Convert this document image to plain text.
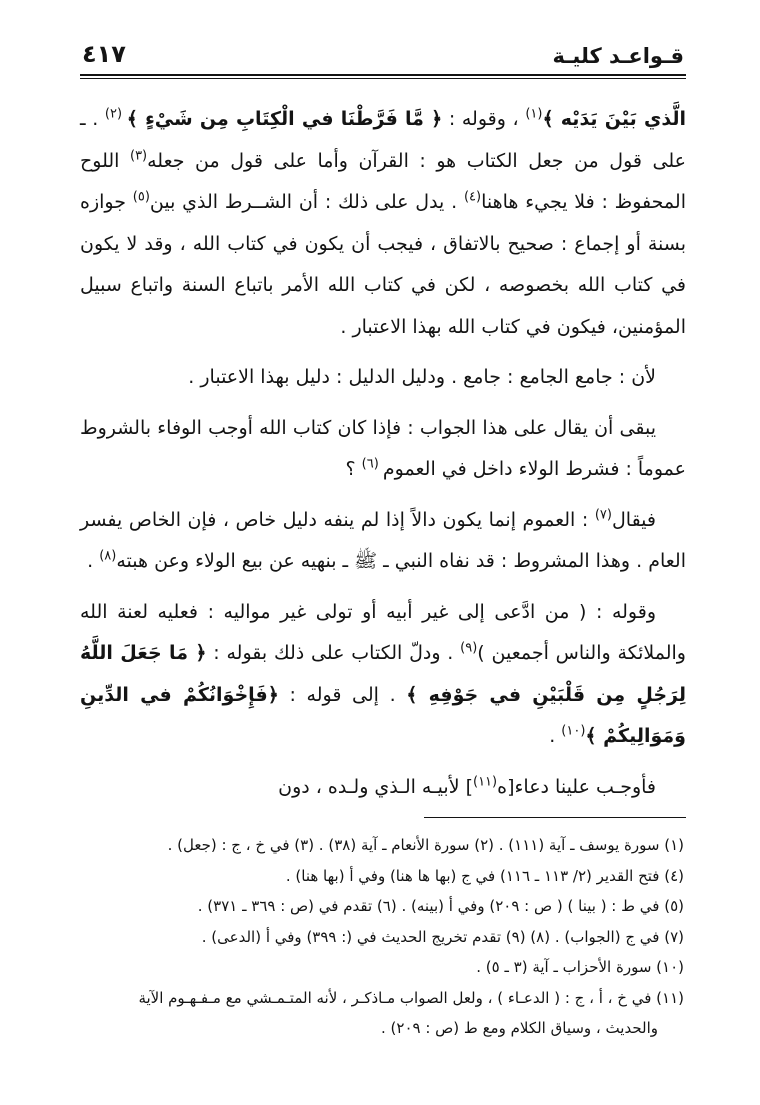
قـواعـد كليـة
٤١٧

الَّذي بَيْنَ يَدَيْه ﴾$^{(١)}$ ، وقوله : ﴿ مَّا فَرَّطْنَا في الْكِتَابِ مِن شَيْءٍ ﴾ $^{(٢)}$ . ـ على قول من جعل الكتاب هو : القرآن وأما على قول من جعله$^{(٣)}$ اللوح المحفوظ : فلا يجيء هاهنا$^{(٤)}$ . يدل على ذلك : أن الشــرط الذي بين$^{(٥)}$ جوازه بسنة أو إجماع : صحيح بالاتفاق ، فيجب أن يكون في كتاب الله ، وقد لا يكون في كتاب الله بخصوصه ، لكن في كتاب الله الأمر باتباع السنة واتباع سبيل المؤمنين، فيكون في كتاب الله بهذا الاعتبار .

لأن : جامع الجامع : جامع . ودليل الدليل : دليل بهذا الاعتبار .

يبقى أن يقال على هذا الجواب : فإذا كان كتاب الله أوجب الوفاء بالشروط عموماً : فشرط الولاء داخل في العموم $^{(٦)}$ ؟

فيقال$^{(٧)}$ : العموم إنما يكون دالاً إذا لم ينفه دليل خاص ، فإن الخاص يفسر العام . وهذا المشروط : قد نفاه النبي ـ ﷺ ـ بنهيه عن بيع الولاء وعن هبته$^{(٨)}$ .

وقوله : ( من ادَّعى إلى غير أبيه أو تولى غير مواليه : فعليه لعنة الله والملائكة والناس أجمعين )$^{(٩)}$ . ودلّ الكتاب على ذلك بقوله : ﴿ مَا جَعَلَ اللَّهُ لِرَجُلٍ مِن قَلْبَيْنِ في جَوْفِهِ ﴾ . إلى قوله : ﴿فَإِخْوَانُكُمْ في الدِّينِ وَمَوَالِيكُمْ ﴾$^{(١٠)}$ .

فأوجـب علينا دعاء[ه$^{(١١)}$] لأبيـه الـذي ولـده ، دون

(١) سورة يوسف ـ آية (١١١) . (٢) سورة الأنعام ـ آية (٣٨) . (٣) في خ ، ج : (جعل) .
(٤) فتح القدير (٢/ ١١٣ ـ ١١٦) في ج (بها ها هنا) وفي أ (بها هنا) .
(٥) في ط : ( بينا ) ( ص : ٢٠٩) وفي أ (بينه) . (٦) تقدم في (ص : ٣٦٩ ـ ٣٧١) .
(٧) في ج (الجواب) . (٨) (٩) تقدم تخريج الحديث في (: ٣٩٩) وفي أ (الدعى) .
(١٠) سورة الأحزاب ـ آية (٣ ـ ٥) .
(١١) في خ ، أ ، ج : ( الدعـاء ) ، ولعل الصواب مـاذكـر ، لأنه المتـمـشي مع مـفـهـوم الآية
والحديث ، وسياق الكلام ومع ط (ص : ٢٠٩) .
